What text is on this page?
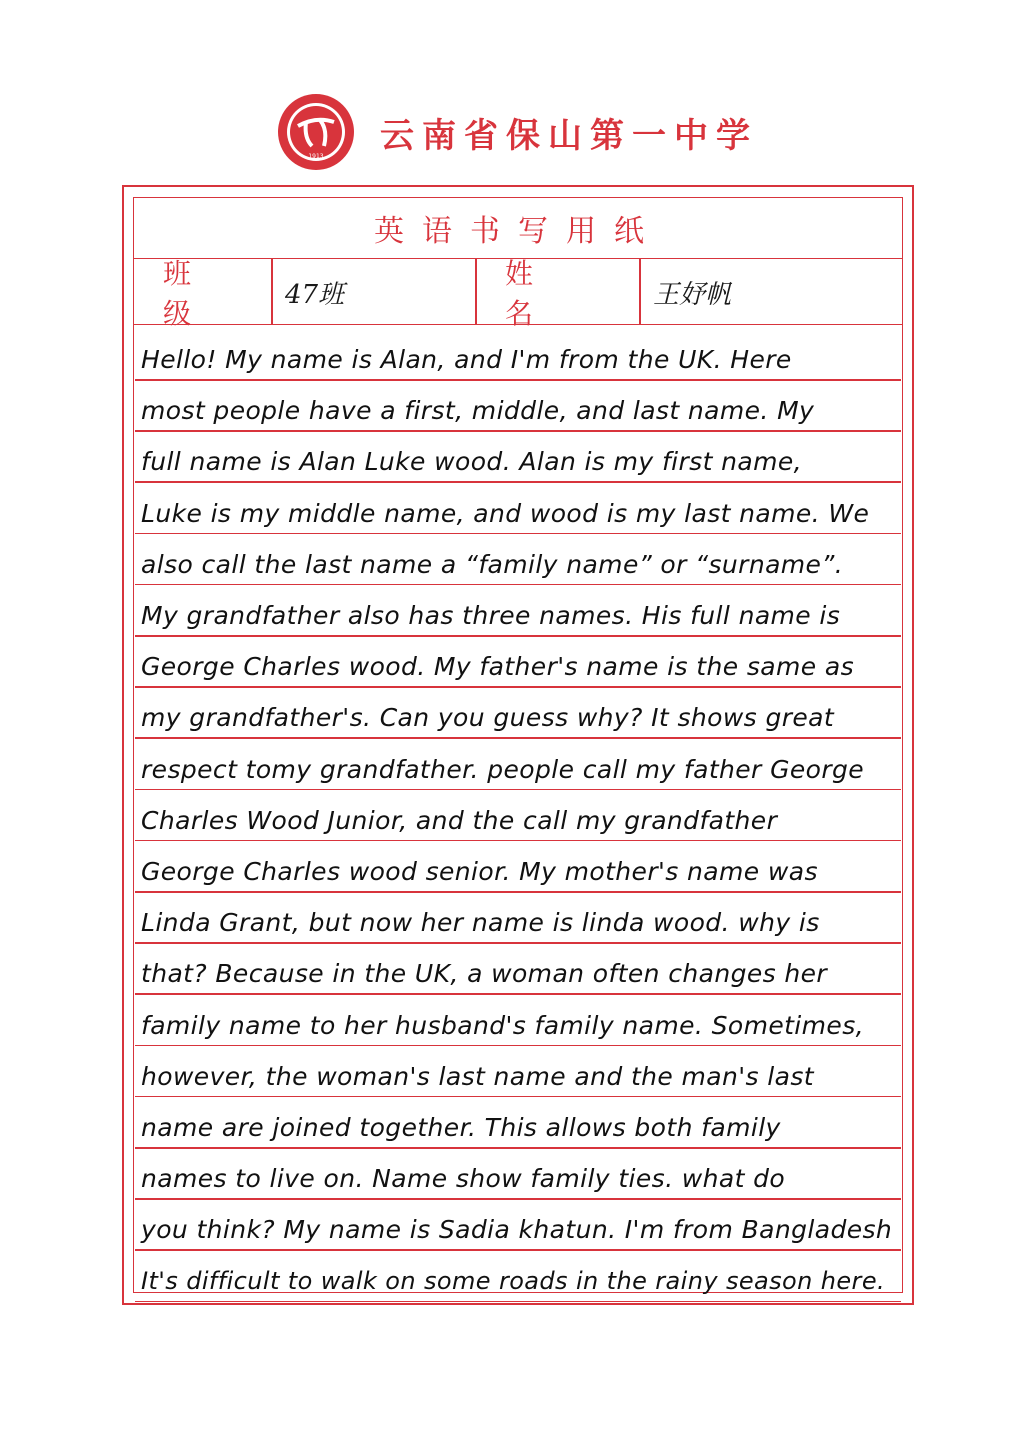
1913
云南省保山第一中学
英语书写用纸
班 级
47班
姓 名
王妤帆
Hello! My name is Alan, and I'm from the UK. Here
most people have a first, middle, and last name. My
full name is Alan Luke wood. Alan is my first name,
Luke is my middle name, and wood is my last name. We
also call the last name a “family name” or “surname”.
My grandfather also has three names. His full name is
George Charles wood. My father's name is the same as
my grandfather's. Can you guess why? It shows great
respect tomy grandfather. people call my father George
Charles Wood Junior, and the call my grandfather
George Charles wood senior. My mother's name was
Linda Grant, but now her name is linda wood. why is
that? Because in the UK, a woman often changes her
family name to her husband's family name. Sometimes,
however, the woman's last name and the man's last
name are joined together. This allows both family
names to live on. Name show family ties. what do
you think? My name is Sadia khatun. I'm from Bangladesh
It's difficult to walk on some roads in the rainy season here.
